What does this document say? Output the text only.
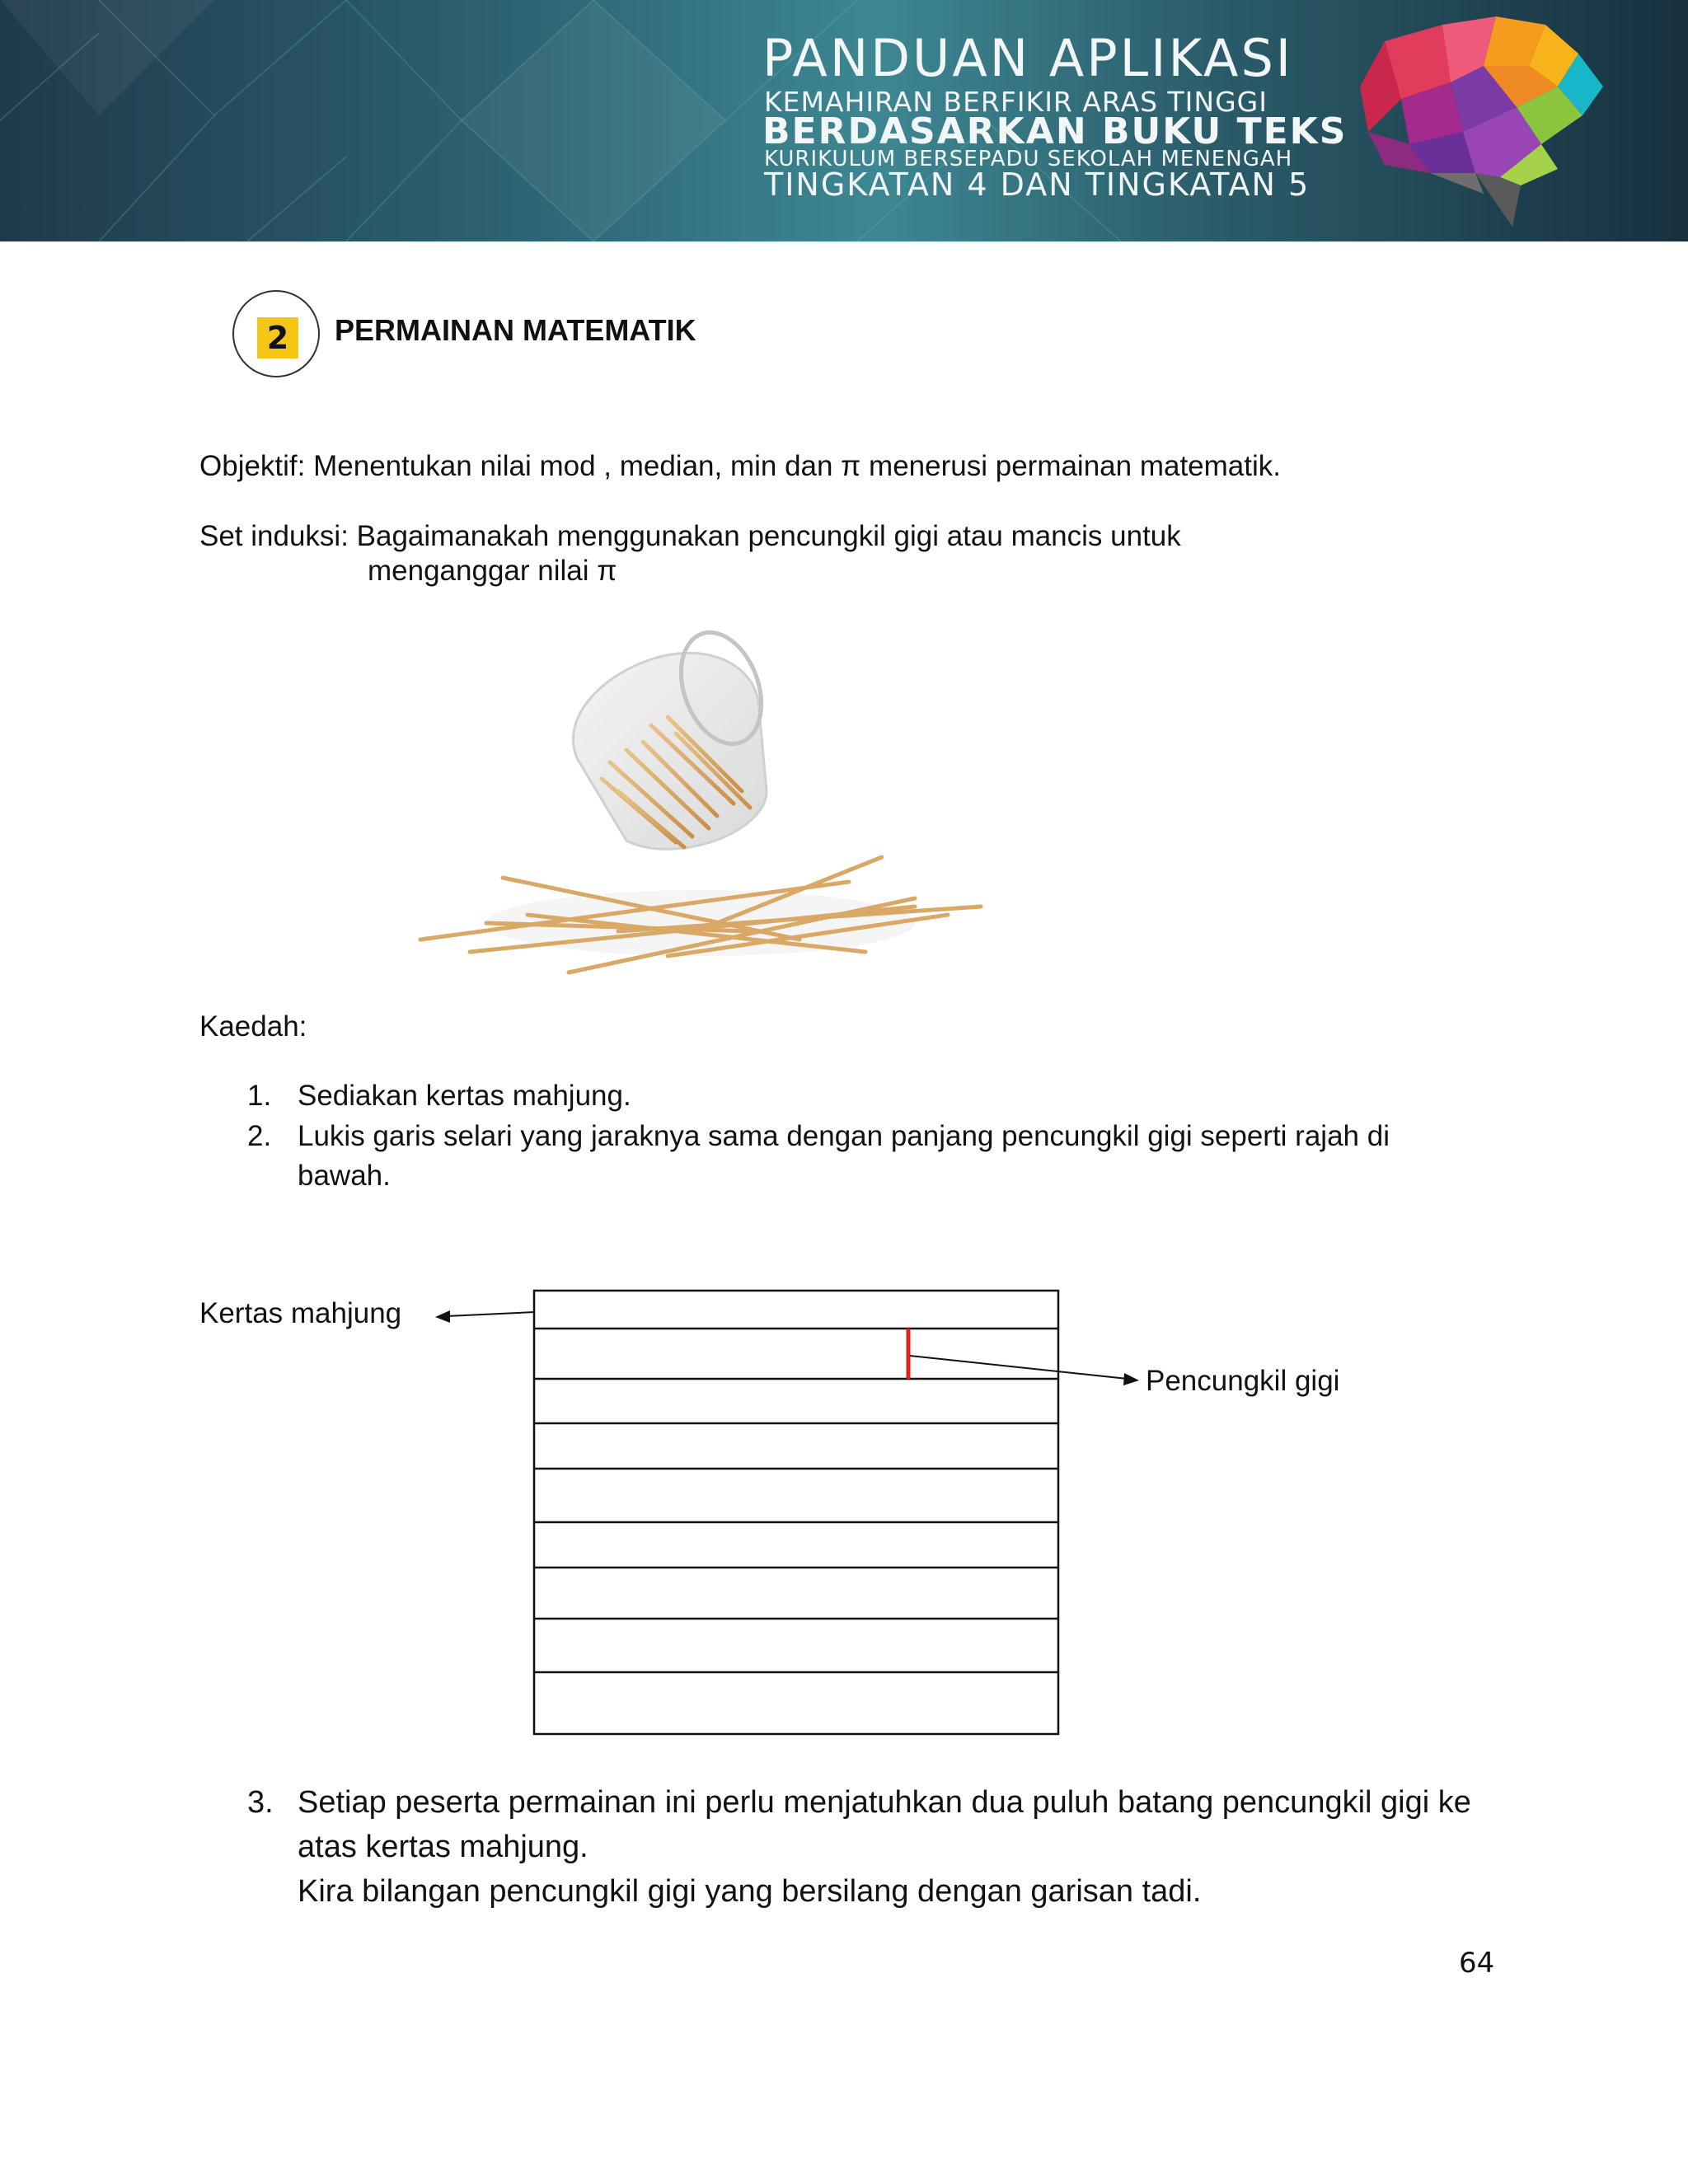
PANDUAN APLIKASI

KEMAHIRAN BERFIKIR ARAS TINGGI

BERDASARKAN BUKU TEKS

KURIKULUM BERSEPADU SEKOLAH MENENGAH

TINGKATAN 4 DAN TINGKATAN 5

2	PERMAINAN MATEMATIK

Objektif: Menentukan nilai mod , median, min dan π menerusi permainan matematik.

Set induksi: Bagaimanakah menggunakan pencungkil gigi atau mancis untuk

menganggar nilai π

Kaedah:

1. Sediakan kertas mahjung.

2. Lukis garis selari yang jaraknya sama dengan panjang pencungkil gigi seperti rajah di bawah.

Kertas mahjung

Pencungkil gigi

3. Setiap peserta permainan ini perlu menjatuhkan dua puluh batang pencungkil gigi ke atas kertas mahjung.

Kira bilangan pencungkil gigi yang bersilang dengan garisan tadi.

64
